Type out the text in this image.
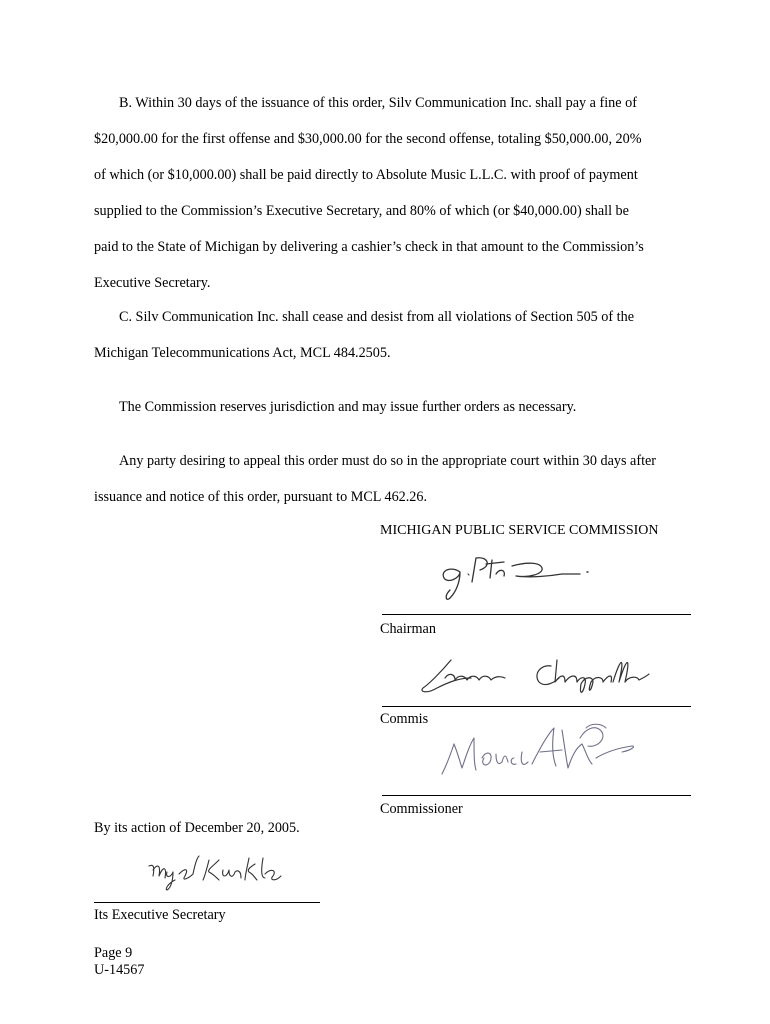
B. Within 30 days of the issuance of this order, Silv Communication Inc. shall pay a fine of
$20,000.00 for the first offense and $30,000.00 for the second offense, totaling $50,000.00, 20%
of which (or $10,000.00) shall be paid directly to Absolute Music L.L.C. with proof of payment
supplied to the Commission’s Executive Secretary, and 80% of which (or $40,000.00) shall be
paid to the State of Michigan by delivering a cashier’s check in that amount to the Commission’s
Executive Secretary.
C. Silv Communication Inc. shall cease and desist from all violations of Section 505 of the
Michigan Telecommunications Act, MCL 484.2505.
The Commission reserves jurisdiction and may issue further orders as necessary.
Any party desiring to appeal this order must do so in the appropriate court within 30 days after
issuance and notice of this order, pursuant to MCL 462.26.
MICHIGAN PUBLIC SERVICE COMMISSION
Chairman
Commis
Commissioner
By its action of December 20, 2005.
Its Executive Secretary
Page 9
U-14567
